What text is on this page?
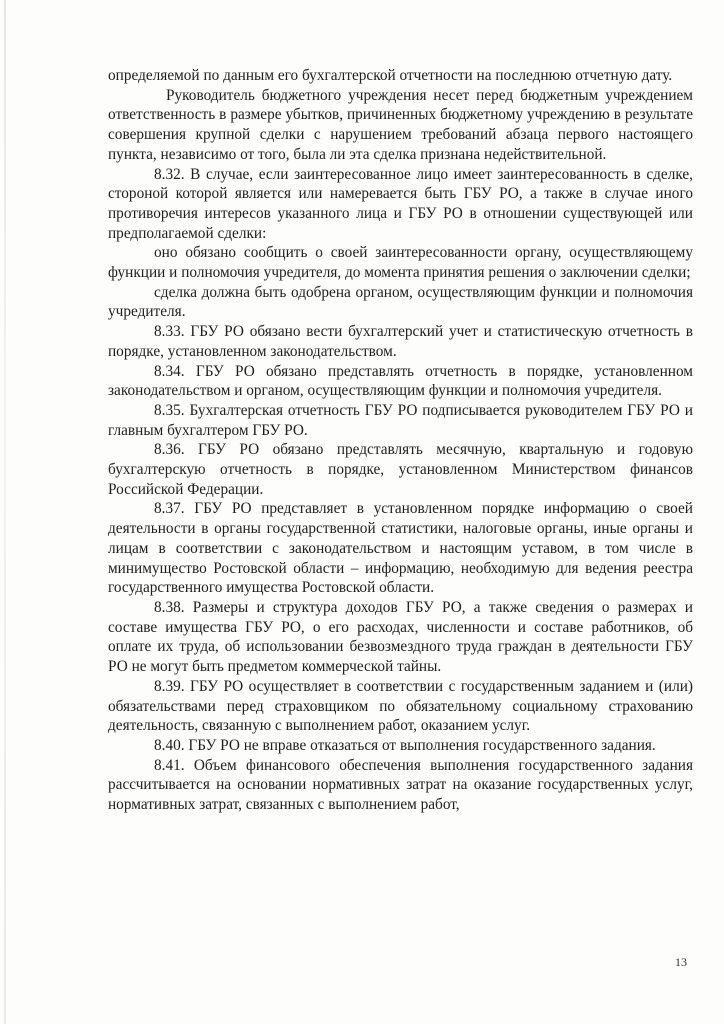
определяемой по данным его бухгалтерской отчетности на последнюю отчетную дату.

Руководитель бюджетного учреждения несет перед бюджетным учреждением ответственность в размере убытков, причиненных бюджетному учреждению в результате совершения крупной сделки с нарушением требований абзаца первого настоящего пункта, независимо от того, была ли эта сделка признана недействительной.

8.32. В случае, если заинтересованное лицо имеет заинтересованность в сделке, стороной которой является или намеревается быть ГБУ РО, а также в случае иного противоречия интересов указанного лица и ГБУ РО в отношении существующей или предполагаемой сделки:

оно обязано сообщить о своей заинтересованности органу, осуществляющему функции и полномочия учредителя, до момента принятия решения о заключении сделки;

сделка должна быть одобрена органом, осуществляющим функции и полномочия учредителя.

8.33. ГБУ РО обязано вести бухгалтерский учет и статистическую отчетность в порядке, установленном законодательством.

8.34. ГБУ РО обязано представлять отчетность в порядке, установленном законодательством и органом, осуществляющим функции и полномочия учредителя.

8.35. Бухгалтерская отчетность ГБУ РО подписывается руководителем ГБУ РО и главным бухгалтером ГБУ РО.

8.36. ГБУ РО обязано представлять месячную, квартальную и годовую бухгалтерскую отчетность в порядке, установленном Министерством финансов Российской Федерации.

8.37. ГБУ РО представляет в установленном порядке информацию о своей деятельности в органы государственной статистики, налоговые органы, иные органы и лицам в соответствии с законодательством и настоящим уставом, в том числе в минимущество Ростовской области – информацию, необходимую для ведения реестра государственного имущества Ростовской области.

8.38. Размеры и структура доходов ГБУ РО, а также сведения о размерах и составе имущества ГБУ РО, о его расходах, численности и составе работников, об оплате их труда, об использовании безвозмездного труда граждан в деятельности ГБУ РО не могут быть предметом коммерческой тайны.

8.39. ГБУ РО осуществляет в соответствии с государственным заданием и (или) обязательствами перед страховщиком по обязательному социальному страхованию деятельность, связанную с выполнением работ, оказанием услуг.

8.40. ГБУ РО не вправе отказаться от выполнения государственного задания.

8.41. Объем финансового обеспечения выполнения государственного задания рассчитывается на основании нормативных затрат на оказание государственных услуг, нормативных затрат, связанных с выполнением работ,

13
